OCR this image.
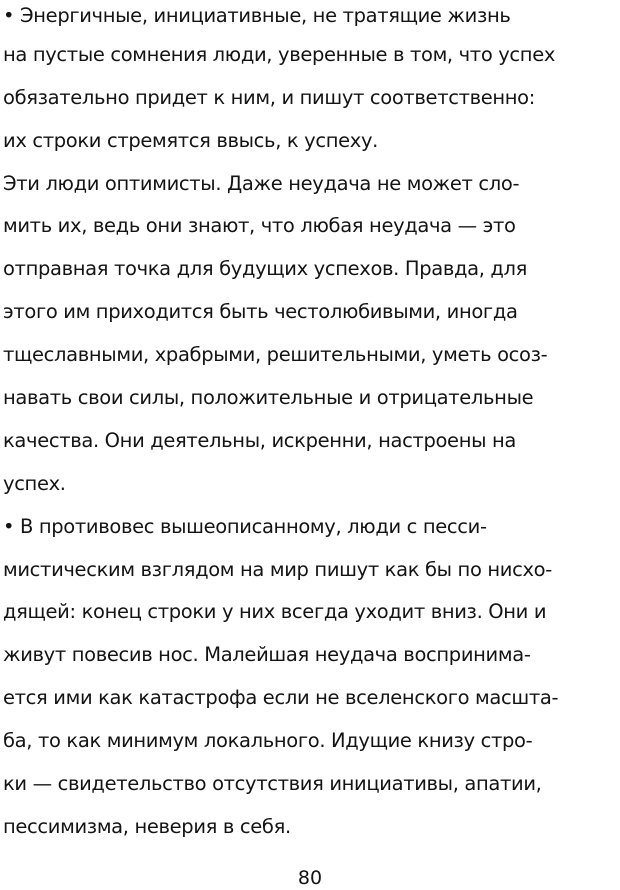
• Энергичные, инициативные, не тратящие жизнь
на пустые сомнения люди, уверенные в том, что успех
обязательно придет к ним, и пишут соответственно:
их строки стремятся ввысь, к успеху.
Эти люди оптимисты. Даже неудача не может сло-
мить их, ведь они знают, что любая неудача — это
отправная точка для будущих успехов. Правда, для
этого им приходится быть честолюбивыми, иногда
тщеславными, храбрыми, решительными, уметь осоз-
навать свои силы, положительные и отрицательные
качества. Они деятельны, искренни, настроены на
успех.
• В противовес вышеописанному, люди с песси-
мистическим взглядом на мир пишут как бы по нисхо-
дящей: конец строки у них всегда уходит вниз. Они и
живут повесив нос. Малейшая неудача воспринима-
ется ими как катастрофа если не вселенского масшта-
ба, то как минимум локального. Идущие книзу стро-
ки — свидетельство отсутствия инициативы, апатии,
пессимизма, неверия в себя.
80
